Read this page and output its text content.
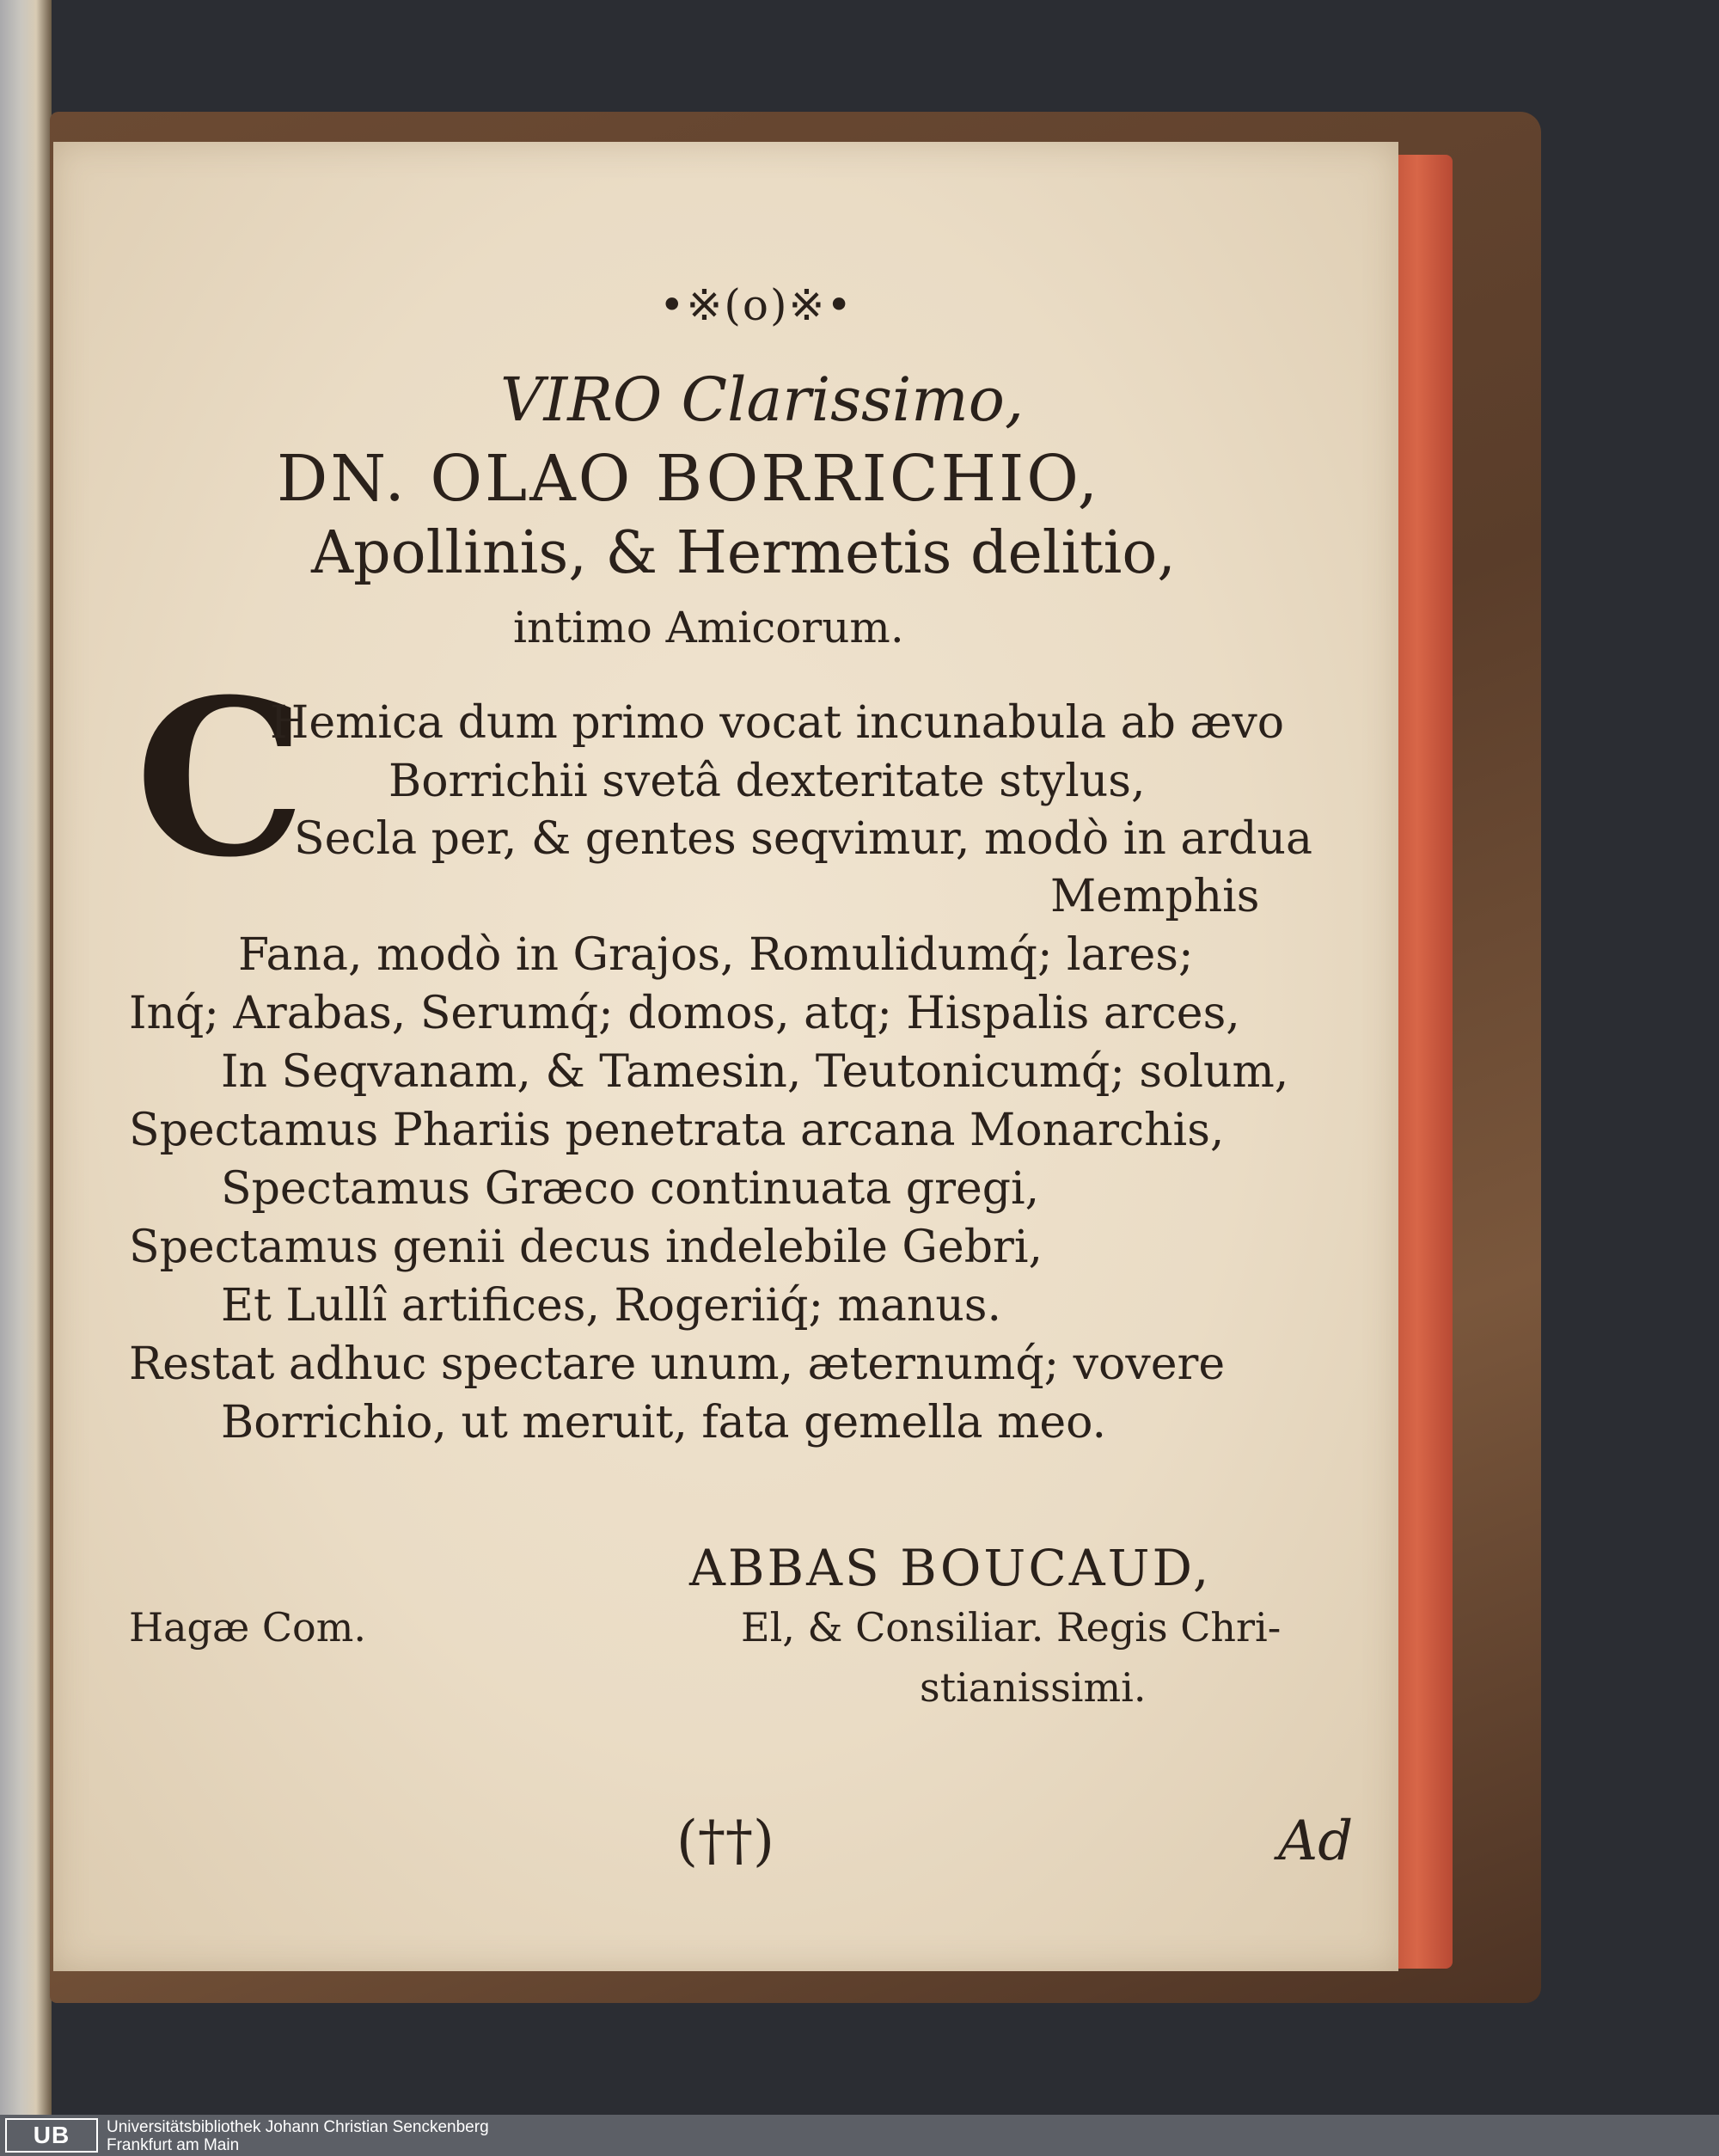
•※(o)※•
VIRO Clarissimo,
DN. OLAO BORRICHIO,
Apollinis, & Hermetis delitio,
intimo Amicorum.
C
Hemica dum primo vocat incunabula ab ævo
Borrichii svetâ dexteritate stylus,
Secla per, & gentes seqvimur, modò in ardua
Memphis
Fana, modò in Grajos, Romulidumq́; lares;
Inq́; Arabas, Serumq́; domos, atq; Hispalis arces,
In Seqvanam, & Tamesin, Teutonicumq́; solum,
Spectamus Phariis penetrata arcana Monarchis,
Spectamus Græco continuata gregi,
Spectamus genii decus indelebile Gebri,
Et Lullî artifices, Rogeriiq́; manus.
Restat adhuc spectare unum, æternumq́; vovere
Borrichio, ut meruit, fata gemella meo.
ABBAS BOUCAUD,
Hagæ Com.	El, & Consiliar. Regis Chri-
stianissimi.
(††)	Ad
UB	Universitätsbibliothek Johann Christian Senckenberg
Frankfurt am Main
